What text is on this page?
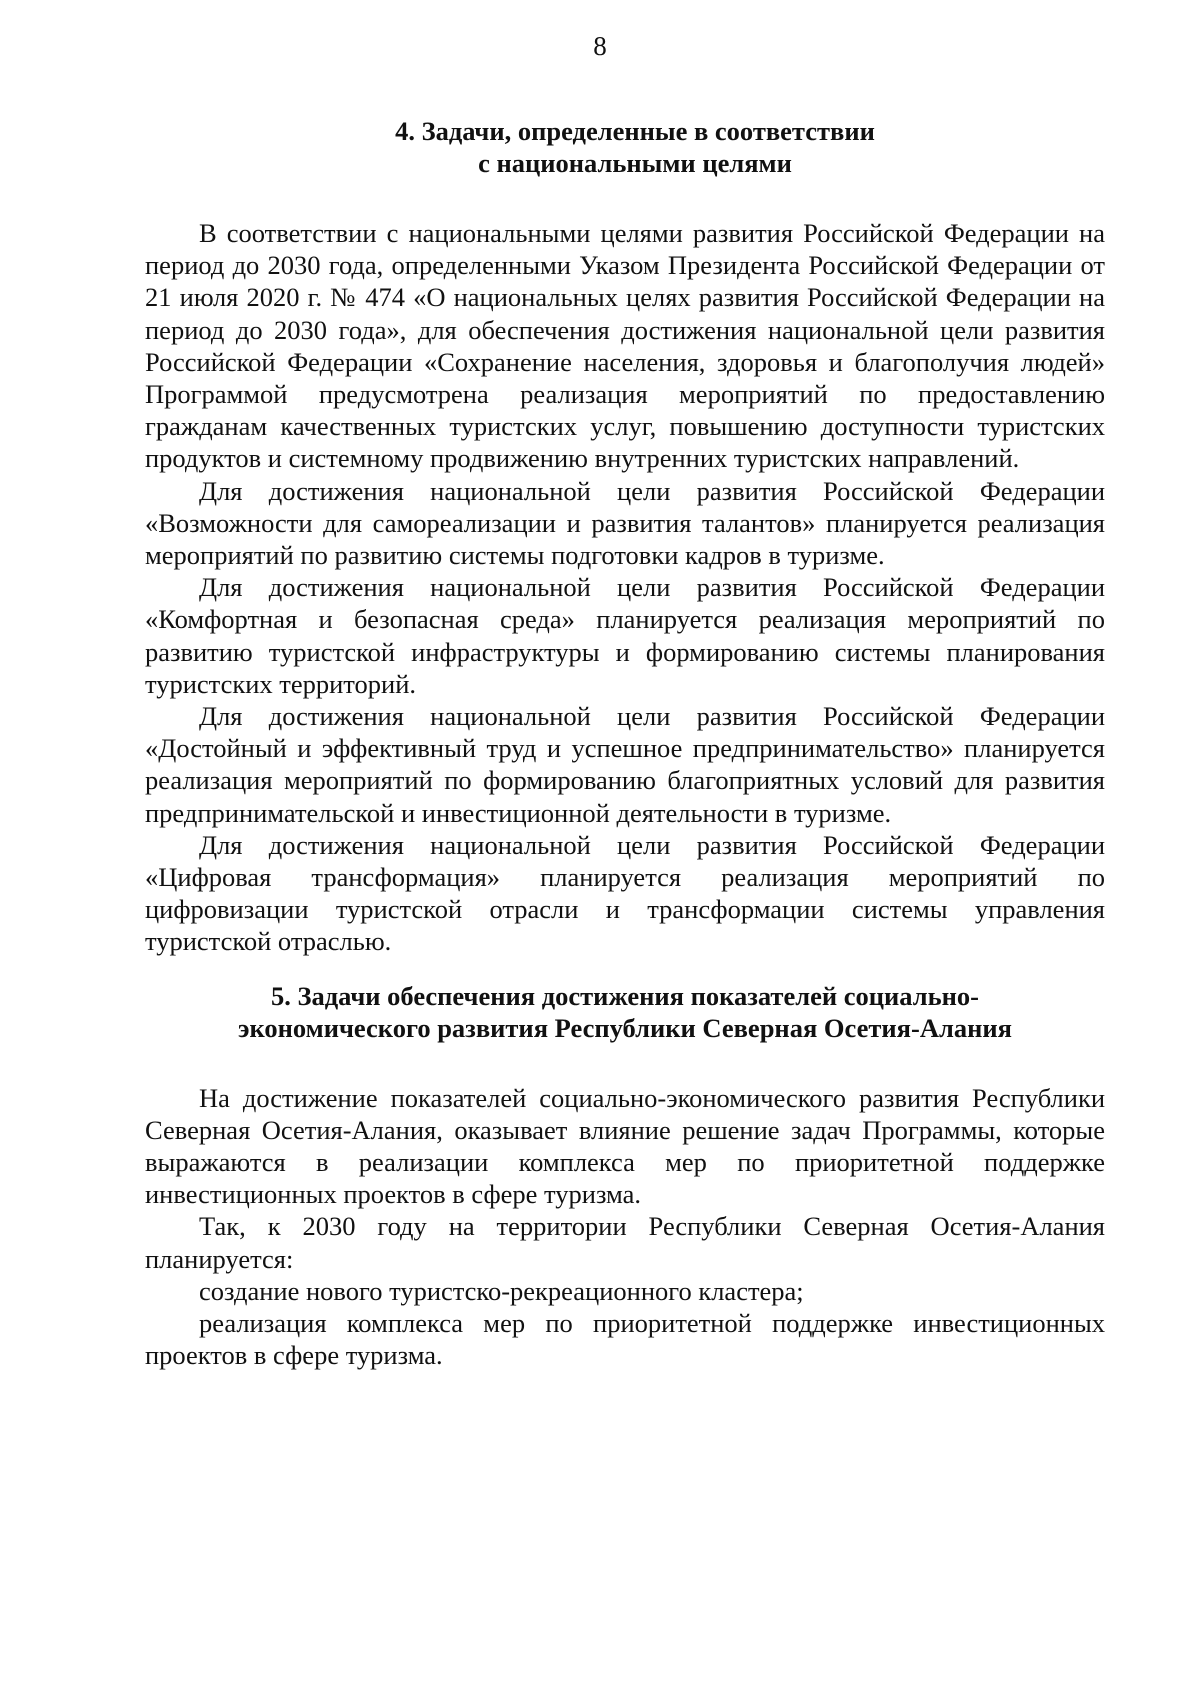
8
4. Задачи, определенные в соответствии
с национальными целями

В соответствии с национальными целями развития Российской Федерации на период до 2030 года, определенными Указом Президента Российской Федерации от 21 июля 2020 г. № 474 «О национальных целях развития Российской Федерации на период до 2030 года», для обеспечения достижения национальной цели развития Российской Федерации «Сохранение населения, здоровья и благополучия людей» Программой предусмотрена реализация мероприятий по предоставлению гражданам качественных туристских услуг, повышению доступности туристских продуктов и системному продвижению внутренних туристских направлений.

Для достижения национальной цели развития Российской Федерации «Возможности для самореализации и развития талантов» планируется реализация мероприятий по развитию системы подготовки кадров в туризме.

Для достижения национальной цели развития Российской Федерации «Комфортная и безопасная среда» планируется реализация мероприятий по развитию туристской инфраструктуры и формированию системы планирования туристских территорий.

Для достижения национальной цели развития Российской Федерации «Достойный и эффективный труд и успешное предпринимательство» планируется реализация мероприятий по формированию благоприятных условий для развития предпринимательской и инвестиционной деятельности в туризме.

Для достижения национальной цели развития Российской Федерации «Цифровая трансформация» планируется реализация мероприятий по цифровизации туристской отрасли и трансформации системы управления туристской отраслью.

5. Задачи обеспечения достижения показателей социально-
экономического развития Республики Северная Осетия-Алания

На достижение показателей социально-экономического развития Республики Северная Осетия-Алания, оказывает влияние решение задач Программы, которые выражаются в реализации комплекса мер по приоритетной поддержке инвестиционных проектов в сфере туризма.

Так, к 2030 году на территории Республики Северная Осетия-Алания планируется:

создание нового туристско-рекреационного кластера;

реализация комплекса мер по приоритетной поддержке инвестиционных проектов в сфере туризма.
